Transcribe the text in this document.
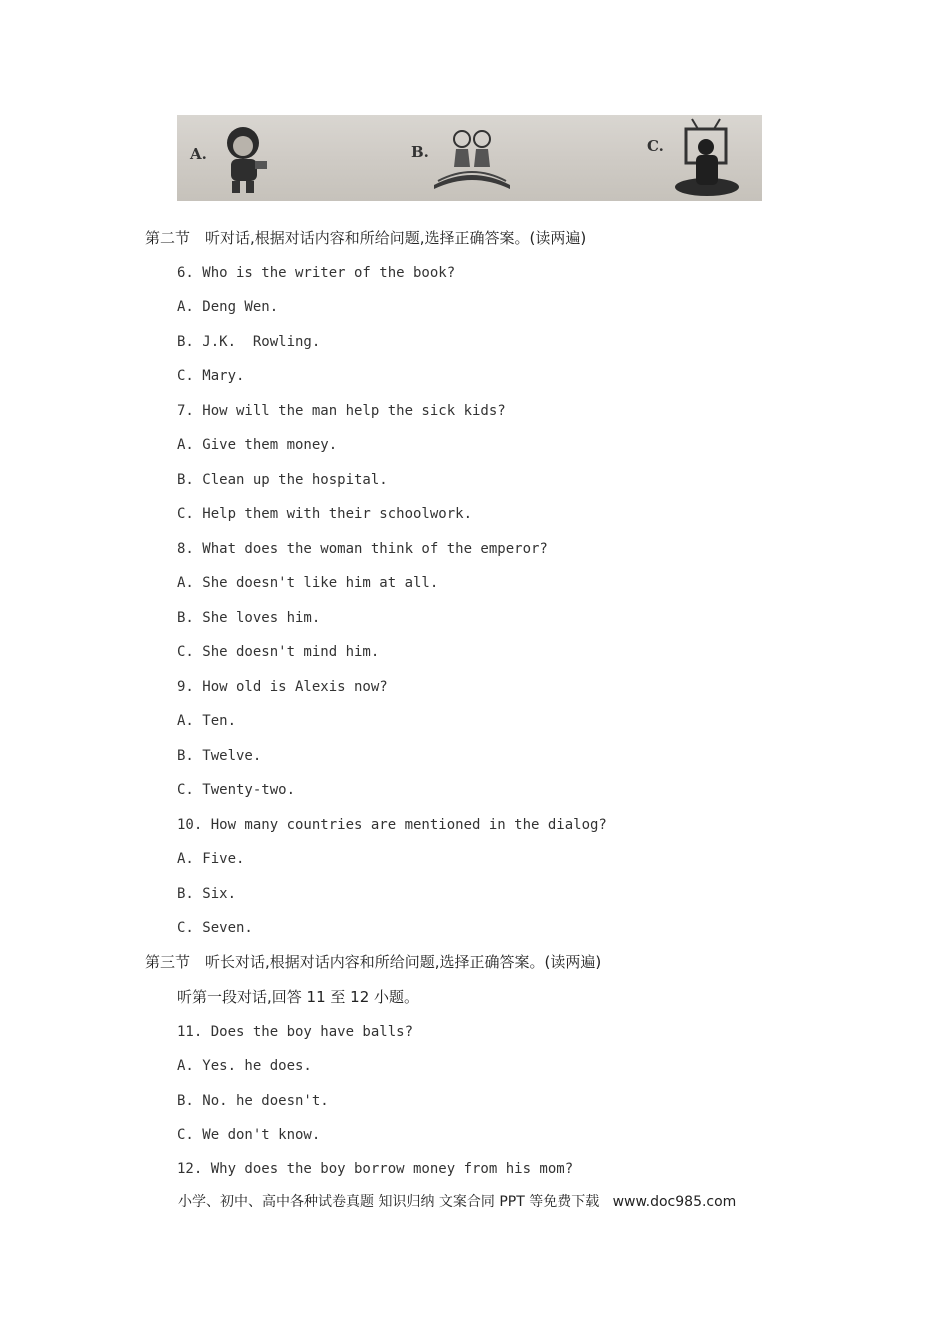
A.	B.	C.
第二节　听对话,根据对话内容和所给问题,选择正确答案。(读两遍)
6. Who is the writer of the book?
A. Deng Wen.
B. J.K.  Rowling.
C. Mary.
7. How will the man help the sick kids?
A. Give them money.
B. Clean up the hospital.
C. Help them with their schoolwork.
8. What does the woman think of the emperor?
A. She doesn't like him at all.
B. She loves him.
C. She doesn't mind him.
9. How old is Alexis now?
A. Ten.
B. Twelve.
C. Twenty-two.
10. How many countries are mentioned in the dialog?
A. Five.
B. Six.
C. Seven.
第三节　听长对话,根据对话内容和所给问题,选择正确答案。(读两遍)
听第一段对话,回答 11 至 12 小题。
11. Does the boy have balls?
A. Yes. he does.
B. No. he doesn't.
C. We don't know.
12. Why does the boy borrow money from his mom?
小学、初中、高中各种试卷真题 知识归纳 文案合同 PPT 等免费下载   www.doc985.com
